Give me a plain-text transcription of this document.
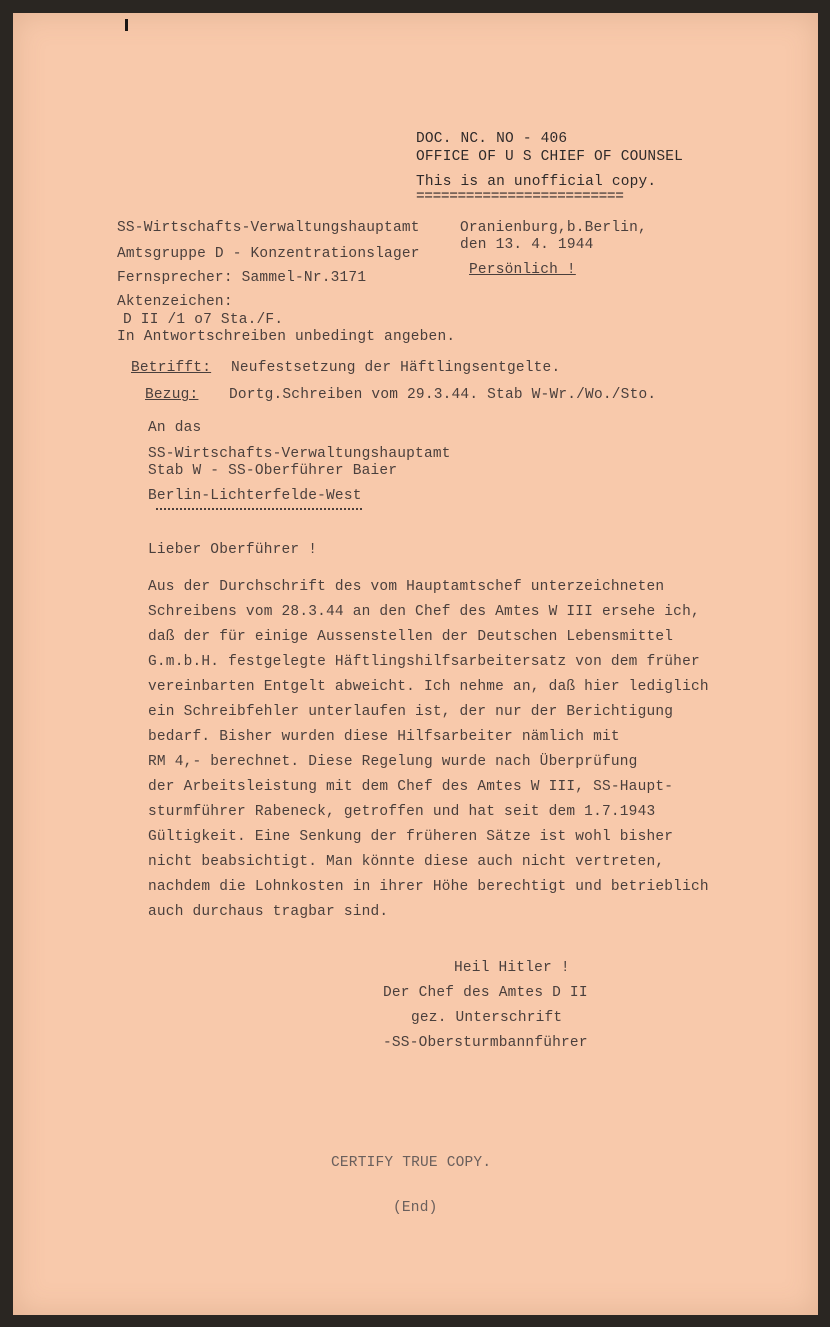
DOC. NC. NO - 406
OFFICE OF U S CHIEF OF COUNSEL
This is an unofficial copy.
=========================
SS-Wirtschafts-Verwaltungshauptamt
Amtsgruppe D - Konzentrationslager
Fernsprecher: Sammel-Nr.3171
Aktenzeichen:
D II /1 o7 Sta./F.
In Antwortschreiben unbedingt angeben.
Oranienburg,b.Berlin,
den 13. 4. 1944
Persönlich !
Betrifft: Neufestsetzung der Häftlingsentgelte.
Bezug: Dortg.Schreiben vom 29.3.44. Stab W-Wr./Wo./Sto.
An das
SS-Wirtschafts-Verwaltungshauptamt
Stab W - SS-Oberführer Baier
Berlin-Lichterfelde-West
Lieber Oberführer !
Aus der Durchschrift des vom Hauptamtschef unterzeichneten
Schreibens vom 28.3.44 an den Chef des Amtes W III ersehe ich,
daß der für einige Aussenstellen der Deutschen Lebensmittel
G.m.b.H. festgelegte Häftlingshilfsarbeitersatz von dem früher
vereinbarten Entgelt abweicht. Ich nehme an, daß hier lediglich
ein Schreibfehler unterlaufen ist, der nur der Berichtigung
bedarf. Bisher wurden diese Hilfsarbeiter nämlich mit
RM 4,- berechnet. Diese Regelung wurde nach Überprüfung
der Arbeitsleistung mit dem Chef des Amtes W III, SS-Haupt-
sturmführer Rabeneck, getroffen und hat seit dem 1.7.1943
Gültigkeit. Eine Senkung der früheren Sätze ist wohl bisher
nicht beabsichtigt. Man könnte diese auch nicht vertreten,
nachdem die Lohnkosten in ihrer Höhe berechtigt und betrieblich
auch durchaus tragbar sind.
Heil Hitler !
Der Chef des Amtes D II
gez. Unterschrift
-SS-Obersturmbannführer
CERTIFY TRUE COPY.
(End)
